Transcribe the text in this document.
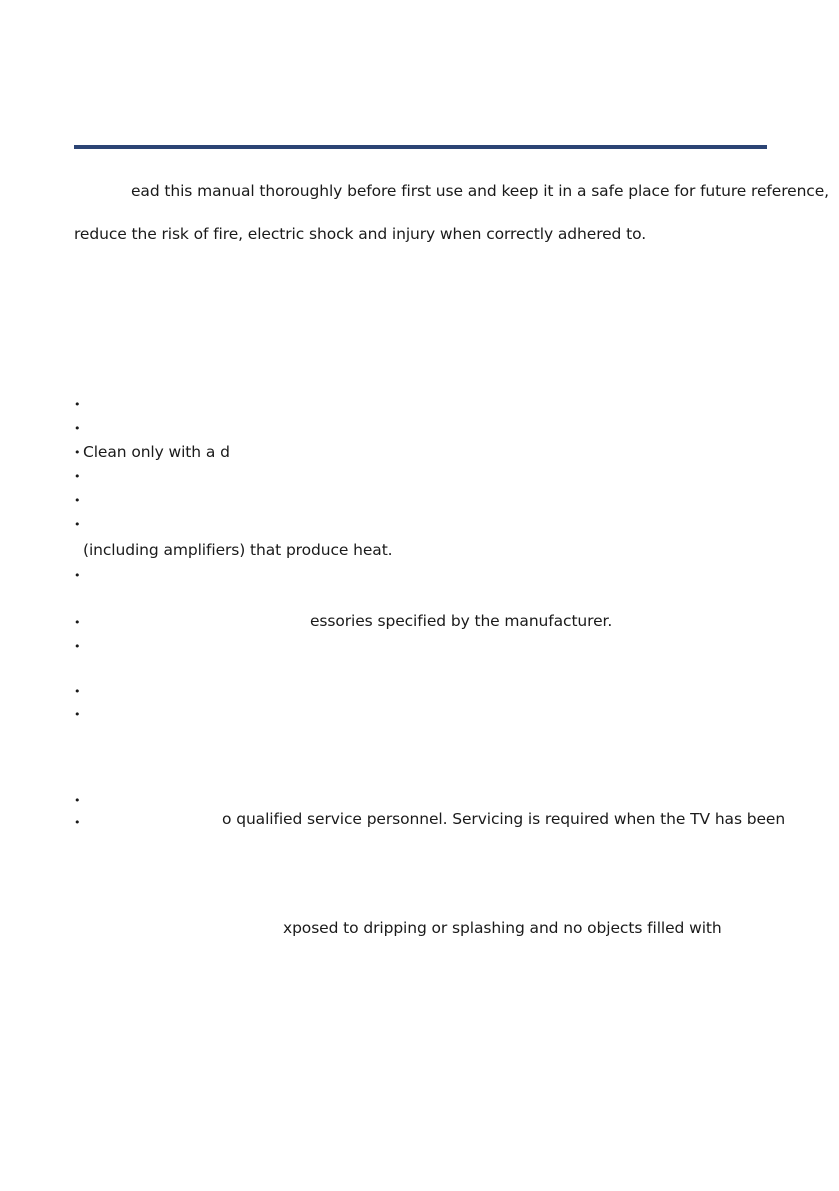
ead this manual thoroughly before first use and keep it in a safe place for future reference,
reduce the risk of fire, electric shock and injury when correctly adhered to.
•
•
• Clean only with a d
•
•
•
(including amplifiers) that produce heat.
•
•	essories specified by the manufacturer.
•
•
•
•
•	o qualified service personnel. Servicing is required when the TV has been
xposed to dripping or splashing and no objects filled with
